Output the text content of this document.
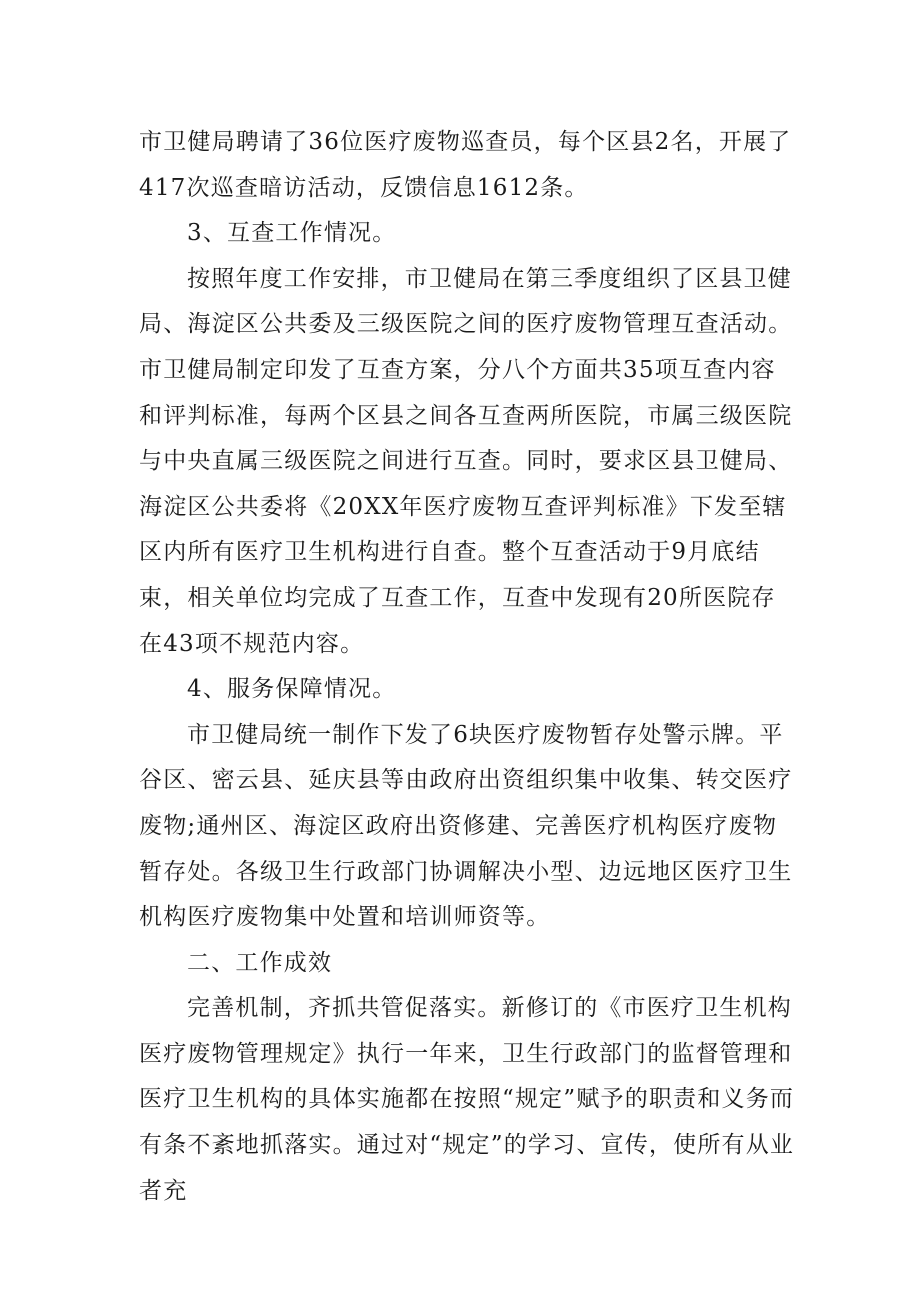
市卫健局聘请了36位医疗废物巡查员，每个区县2名，开展了417次巡查暗访活动，反馈信息1612条。

3、互查工作情况。

按照年度工作安排，市卫健局在第三季度组织了区县卫健局、海淀区公共委及三级医院之间的医疗废物管理互查活动。市卫健局制定印发了互查方案，分八个方面共35项互查内容和评判标准，每两个区县之间各互查两所医院，市属三级医院与中央直属三级医院之间进行互查。同时，要求区县卫健局、海淀区公共委将《20XX年医疗废物互查评判标准》下发至辖区内所有医疗卫生机构进行自查。整个互查活动于9月底结束，相关单位均完成了互查工作，互查中发现有20所医院存在43项不规范内容。

4、服务保障情况。

市卫健局统一制作下发了6块医疗废物暂存处警示牌。平谷区、密云县、延庆县等由政府出资组织集中收集、转交医疗废物;通州区、海淀区政府出资修建、完善医疗机构医疗废物暂存处。各级卫生行政部门协调解决小型、边远地区医疗卫生机构医疗废物集中处置和培训师资等。

二、工作成效

完善机制，齐抓共管促落实。新修订的《市医疗卫生机构医疗废物管理规定》执行一年来，卫生行政部门的监督管理和医疗卫生机构的具体实施都在按照“规定”赋予的职责和义务而有条不紊地抓落实。通过对“规定”的学习、宣传，使所有从业者充
